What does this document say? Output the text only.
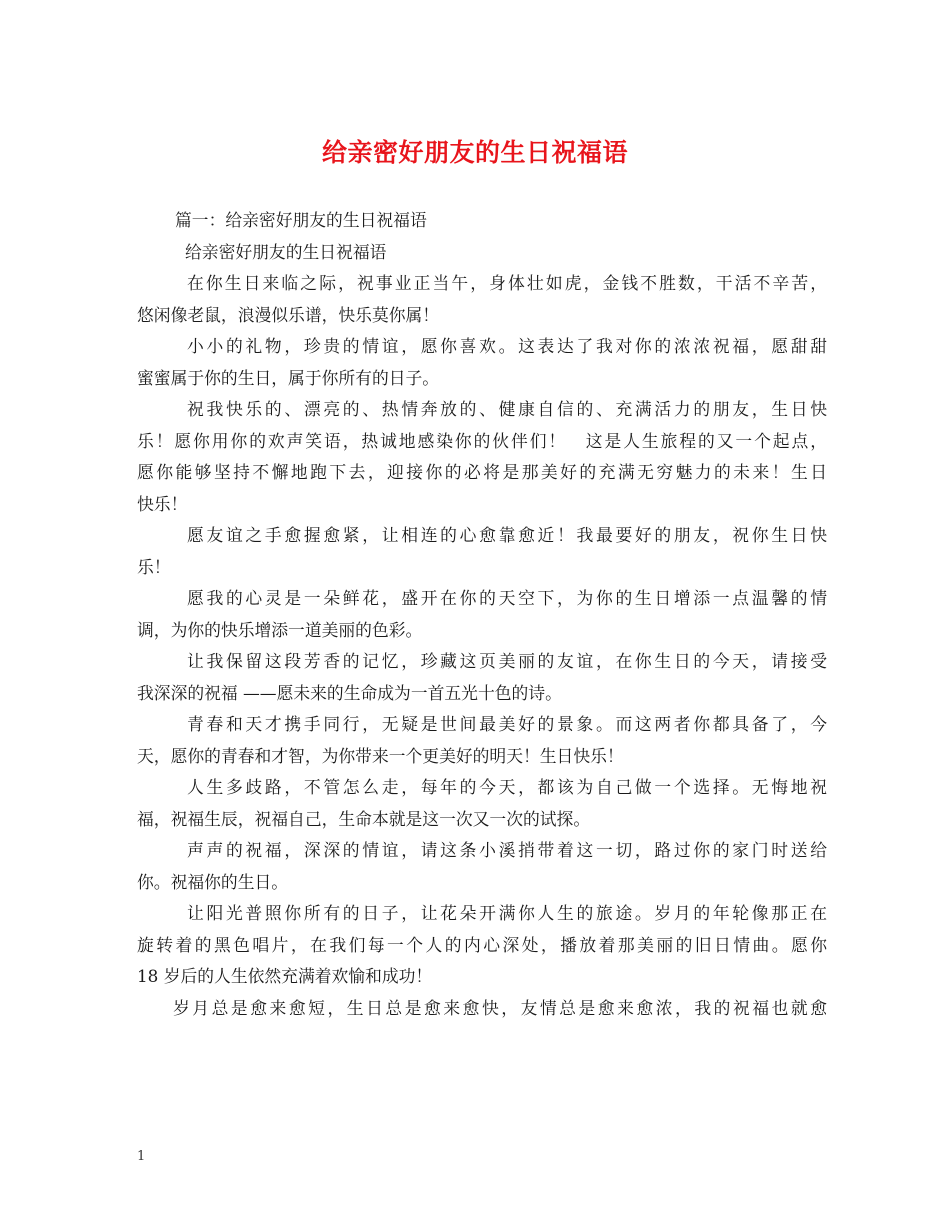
给亲密好朋友的生日祝福语
篇一：给亲密好朋友的生日祝福语
给亲密好朋友的生日祝福语
在你生日来临之际，祝事业正当午，身体壮如虎，金钱不胜数，干活不辛苦，
悠闲像老鼠，浪漫似乐谱，快乐莫你属！
小小的礼物，珍贵的情谊，愿你喜欢。这表达了我对你的浓浓祝福，愿甜甜
蜜蜜属于你的生日，属于你所有的日子。
祝我快乐的、漂亮的、热情奔放的、健康自信的、充满活力的朋友，生日快
乐！愿你用你的欢声笑语，热诚地感染你的伙伴们！　这是人生旅程的又一个起点，
愿你能够坚持不懈地跑下去，迎接你的必将是那美好的充满无穷魅力的未来！生日
快乐！
愿友谊之手愈握愈紧，让相连的心愈靠愈近！我最要好的朋友，祝你生日快
乐！
愿我的心灵是一朵鲜花，盛开在你的天空下，为你的生日增添一点温馨的情
调，为你的快乐增添一道美丽的色彩。
让我保留这段芳香的记忆，珍藏这页美丽的友谊，在你生日的今天，请接受
我深深的祝福 ——愿未来的生命成为一首五光十色的诗。
青春和天才携手同行，无疑是世间最美好的景象。而这两者你都具备了，今
天，愿你的青春和才智，为你带来一个更美好的明天！生日快乐！
人生多歧路，不管怎么走，每年的今天，都该为自己做一个选择。无悔地祝
福，祝福生辰，祝福自己，生命本就是这一次又一次的试探。
声声的祝福，深深的情谊，请这条小溪捎带着这一切，路过你的家门时送给
你。祝福你的生日。
让阳光普照你所有的日子，让花朵开满你人生的旅途。岁月的年轮像那正在
旋转着的黑色唱片，在我们每一个人的内心深处，播放着那美丽的旧日情曲。愿你
18 岁后的人生依然充满着欢愉和成功！
岁月总是愈来愈短，生日总是愈来愈快，友情总是愈来愈浓，我的祝福也就愈
1
